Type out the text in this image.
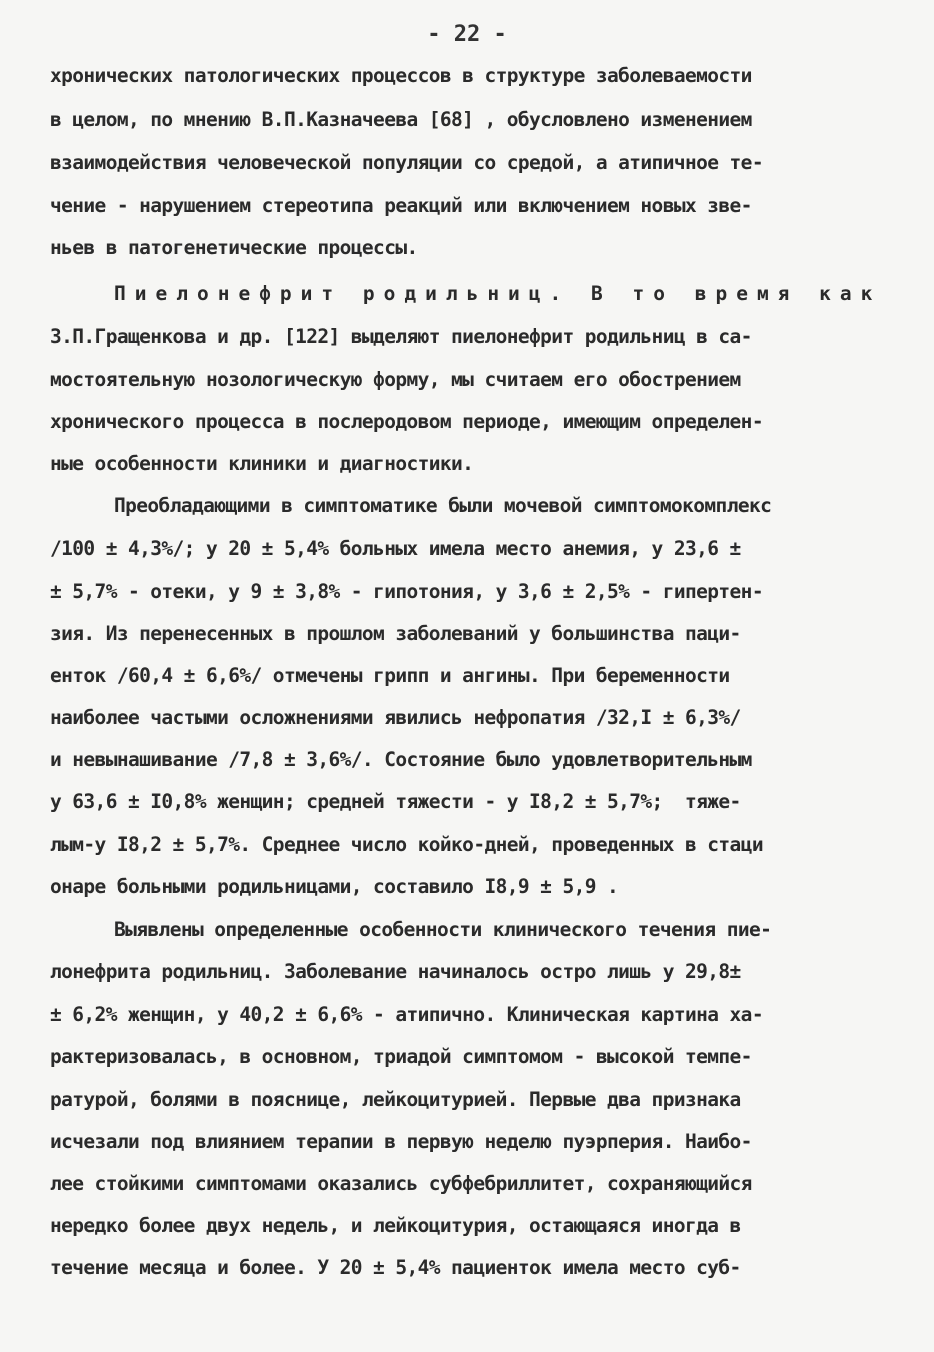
- 22 -
хронических патологических процессов в структуре заболеваемости
в целом, по мнению В.П.Казначеева [68] , обусловлено изменением
взаимодействия человеческой популяции со средой, а атипичное те-
чение - нарушением стереотипа реакций или включением новых зве-
ньев в патогенетические процессы.
Пиелонефрит родильниц. В то время как
З.П.Гращенкова и др. [122] выделяют пиелонефрит родильниц в са-
мостоятельную нозологическую форму, мы считаем его обострением
хронического процесса в послеродовом периоде, имеющим определен-
ные особенности клиники и диагностики.
Преобладающими в симптоматике были мочевой симптомокомплекс
/100 ± 4,3%/; у 20 ± 5,4% больных имела место анемия, у 23,6 ±
± 5,7% - отеки, у 9 ± 3,8% - гипотония, у 3,6 ± 2,5% - гипертен-
зия. Из перенесенных в прошлом заболеваний у большинства паци-
енток /60,4 ± 6,6%/ отмечены грипп и ангины. При беременности
наиболее частыми осложнениями явились нефропатия /32,I ± 6,3%/
и невынашивание /7,8 ± 3,6%/. Состояние было удовлетворительным
у 63,6 ± I0,8% женщин; средней тяжести - у I8,2 ± 5,7%;  тяже-
лым-у I8,2 ± 5,7%. Среднее число койко-дней, проведенных в стаци
онаре больными родильницами, составило I8,9 ± 5,9 .
Выявлены определенные особенности клинического течения пие-
лонефрита родильниц. Заболевание начиналось остро лишь у 29,8±
± 6,2% женщин, у 40,2 ± 6,6% - атипично. Клиническая картина ха-
рактеризовалась, в основном, триадой симптомом - высокой темпе-
ратурой, болями в пояснице, лейкоцитурией. Первые два признака
исчезали под влиянием терапии в первую неделю пуэрперия. Наибо-
лее стойкими симптомами оказались субфебриллитет, сохраняющийся
нередко более двух недель, и лейкоцитурия, остающаяся иногда в
течение месяца и более. У 20 ± 5,4% пациенток имела место суб-
